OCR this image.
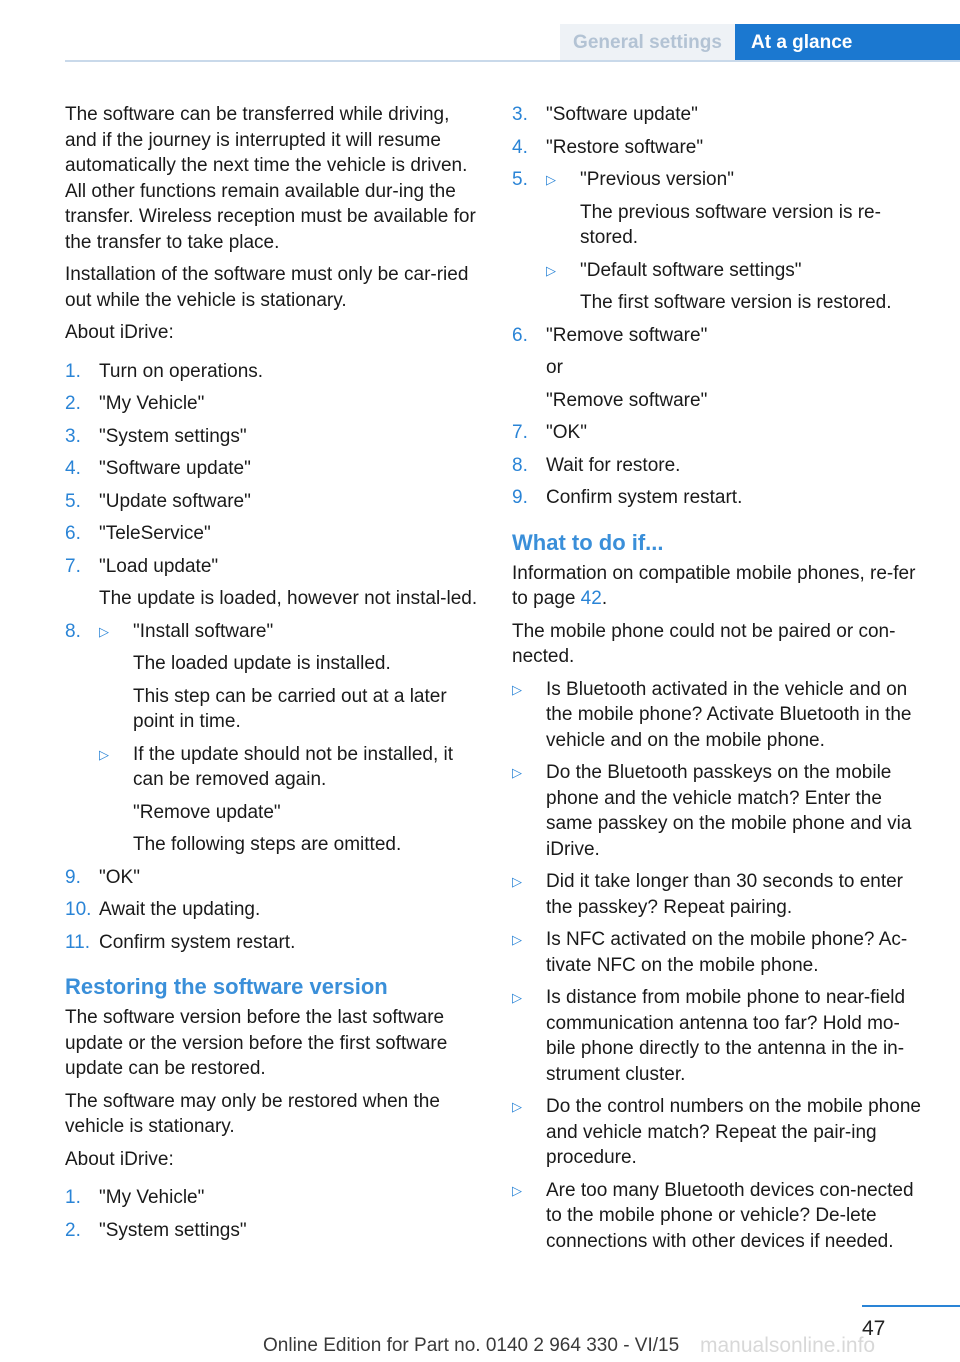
General settings	At a glance

The software can be transferred while driving, and if the journey is interrupted it will resume automatically the next time the vehicle is driven. All other functions remain available dur-ing the transfer. Wireless reception must be available for the transfer to take place.

Installation of the software must only be car-ried out while the vehicle is stationary.

About iDrive:

1. Turn on operations.
2. "My Vehicle"
3. "System settings"
4. "Software update"
5. "Update software"
6. "TeleService"
7. "Load update"

The update is loaded, however not instal-led.

8.	▷	"Install software"

The loaded update is installed.

This step can be carried out at a later point in time.

▷	If the update should not be installed, it can be removed again.

"Remove update"

The following steps are omitted.

9. "OK"
10. Await the updating.
11. Confirm system restart.
Restoring the software version

The software version before the last software update or the version before the first software update can be restored.

The software may only be restored when the vehicle is stationary.

About iDrive:

1. "My Vehicle"
2. "System settings"
3. "Software update"
4. "Restore software"
5.	▷	"Previous version"

The previous software version is re-stored.

▷	"Default software settings"

The first software version is restored.

6. "Remove software"

or

"Remove software"

7. "OK"
8. Wait for restore.
9. Confirm system restart.
What to do if...

Information on compatible mobile phones, re-fer to page 42.

The mobile phone could not be paired or con-nected.

▷	Is Bluetooth activated in the vehicle and on the mobile phone? Activate Bluetooth in the vehicle and on the mobile phone.
▷	Do the Bluetooth passkeys on the mobile phone and the vehicle match? Enter the same passkey on the mobile phone and via iDrive.
▷	Did it take longer than 30 seconds to enter the passkey? Repeat pairing.
▷	Is NFC activated on the mobile phone? Ac-tivate NFC on the mobile phone.
▷	Is distance from mobile phone to near-field communication antenna too far? Hold mo-bile phone directly to the antenna in the in-strument cluster.
▷	Do the control numbers on the mobile phone and vehicle match? Repeat the pair-ing procedure.
▷	Are too many Bluetooth devices con-nected to the mobile phone or vehicle? De-lete connections with other devices if needed.
47
Online Edition for Part no. 0140 2 964 330 - VI/15 manualsonline.info
